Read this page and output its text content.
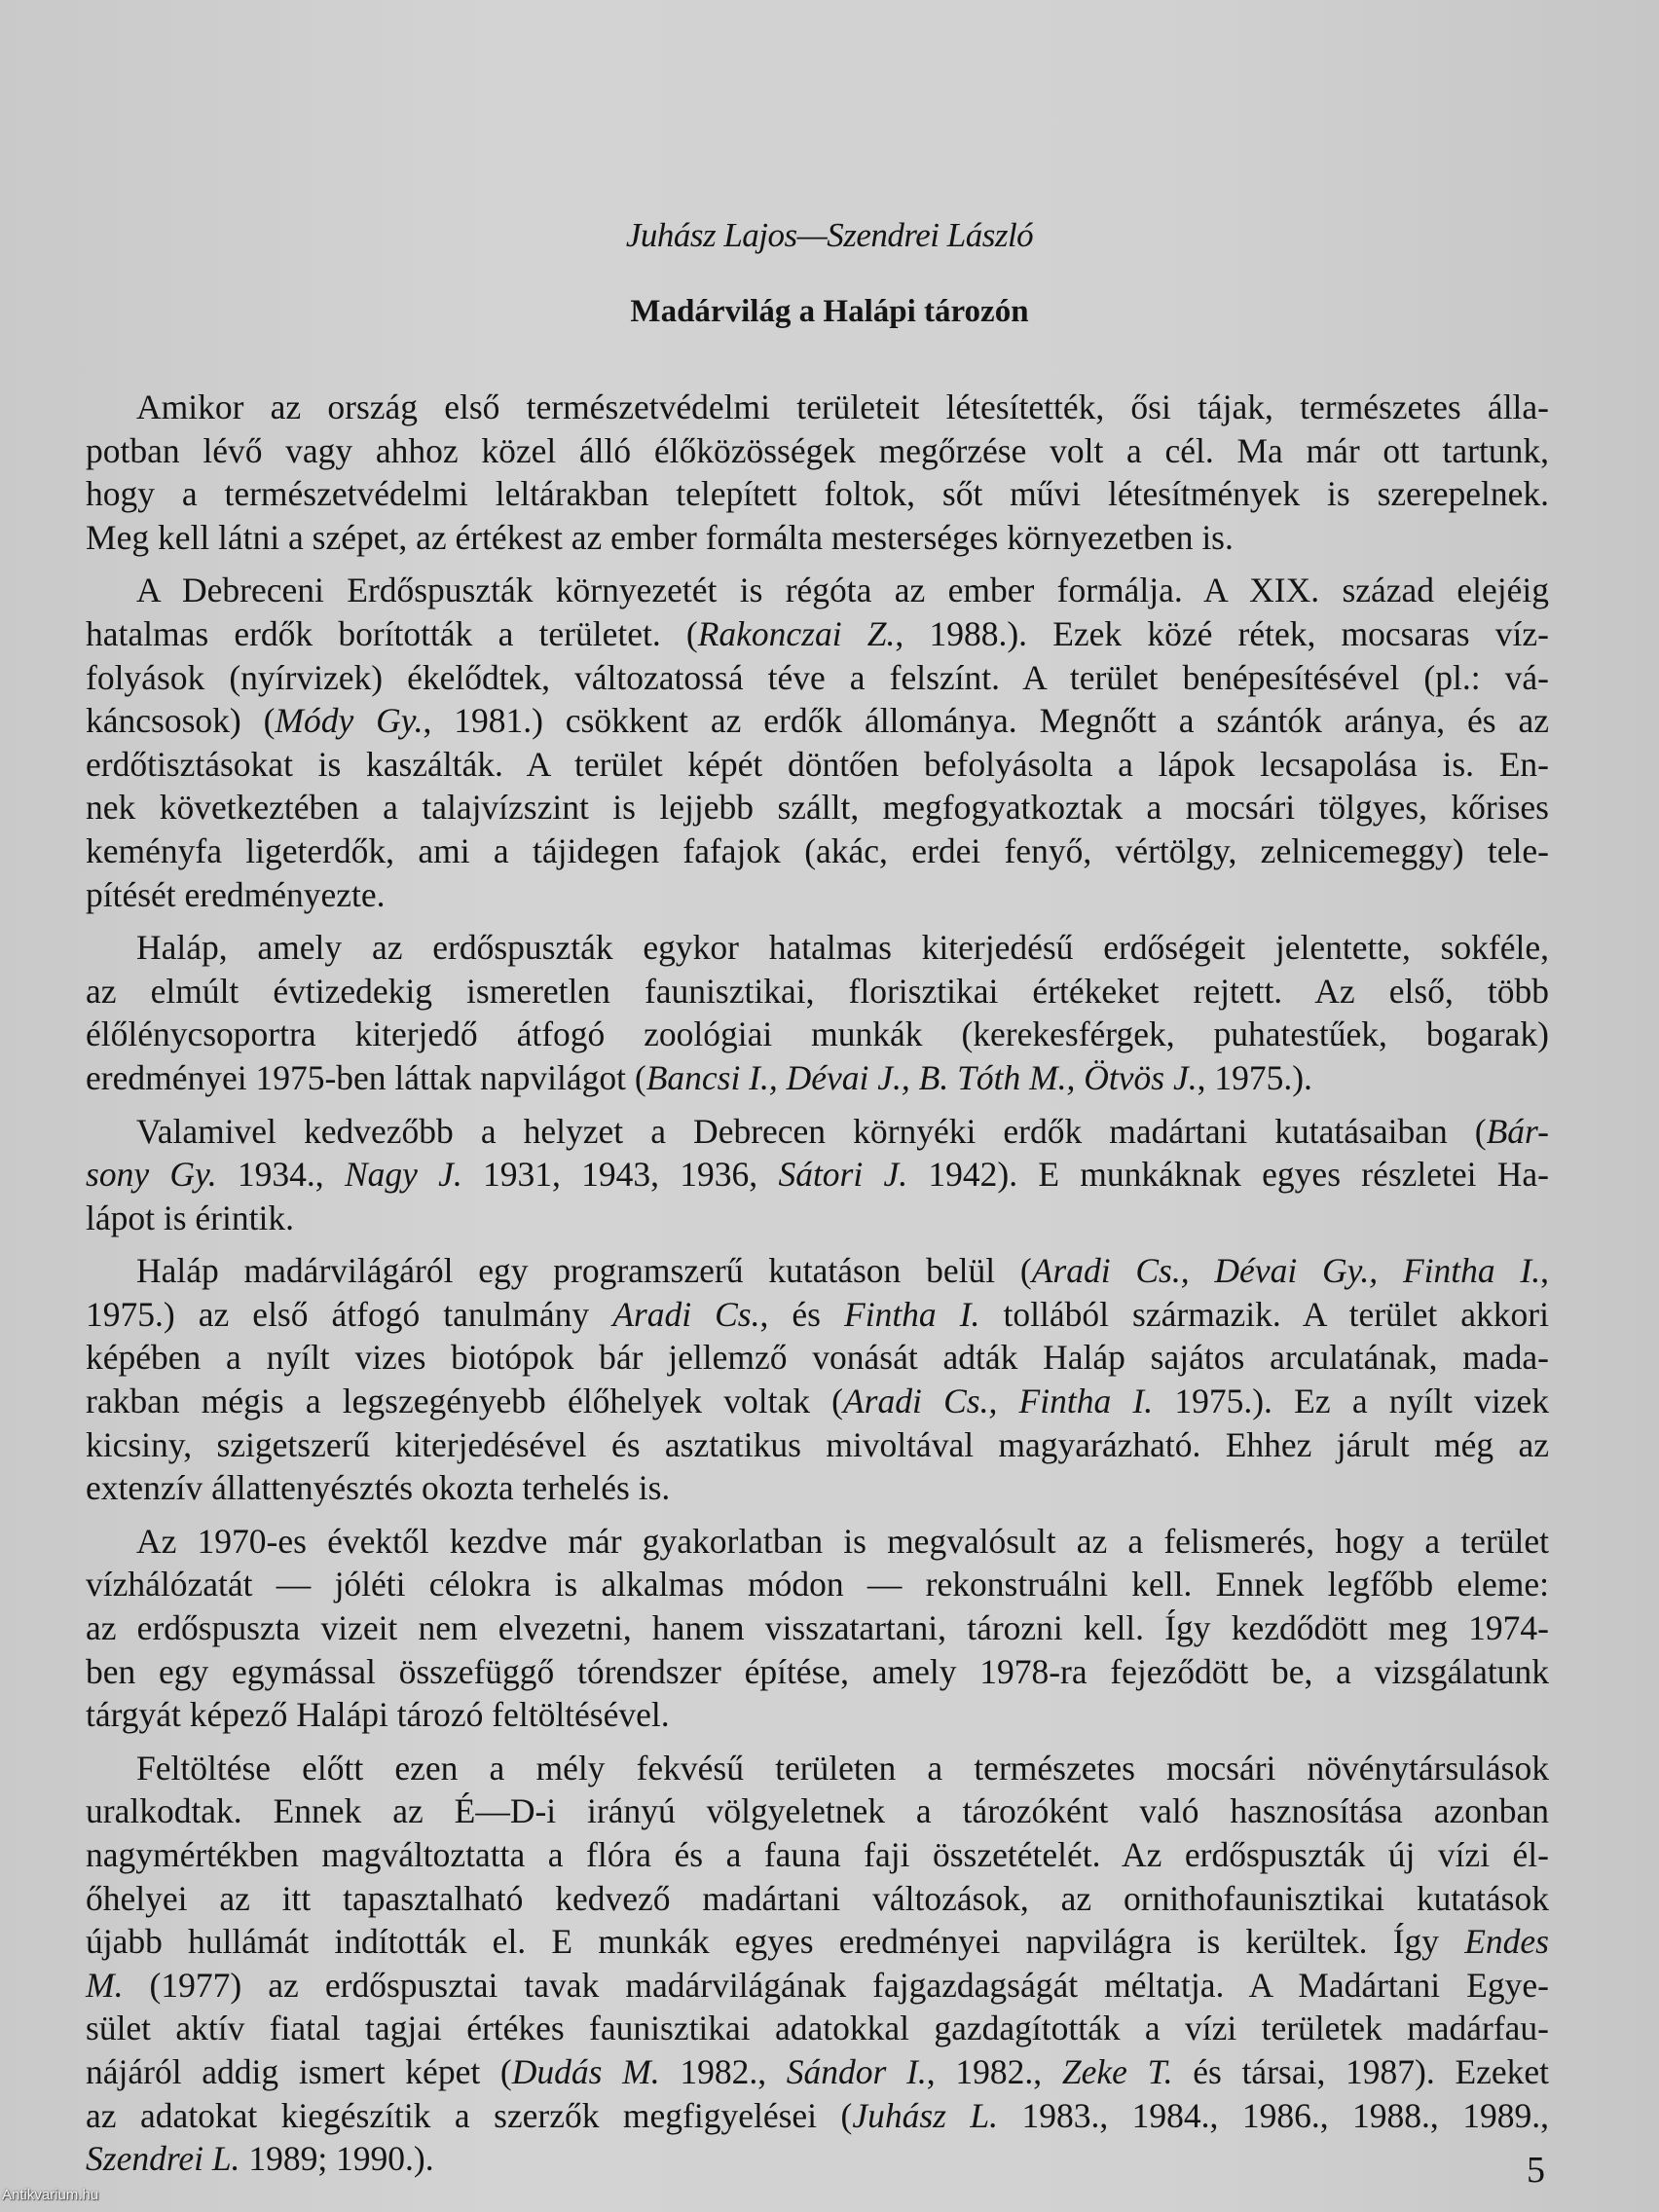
Juhász Lajos—Szendrei László
Madárvilág a Halápi tározón
Amikor az ország első természetvédelmi területeit létesítették, ősi tájak, természetes álla-
potban lévő vagy ahhoz közel álló élőközösségek megőrzése volt a cél. Ma már ott tartunk,
hogy a természetvédelmi leltárakban telepített foltok, sőt művi létesítmények is szerepelnek.
Meg kell látni a szépet, az értékest az ember formálta mesterséges környezetben is.
A Debreceni Erdőspuszták környezetét is régóta az ember formálja. A XIX. század elejéig
hatalmas erdők borították a területet. (Rakonczai Z., 1988.). Ezek közé rétek, mocsaras víz-
folyások (nyírvizek) ékelődtek, változatossá téve a felszínt. A terület benépesítésével (pl.: vá-
káncsosok) (Módy Gy., 1981.) csökkent az erdők állománya. Megnőtt a szántók aránya, és az
erdőtisztásokat is kaszálták. A terület képét döntően befolyásolta a lápok lecsapolása is. En-
nek következtében a talajvízszint is lejjebb szállt, megfogyatkoztak a mocsári tölgyes, kőrises
keményfa ligeterdők, ami a tájidegen fafajok (akác, erdei fenyő, vértölgy, zelnicemeggy) tele-
pítését eredményezte.
Haláp, amely az erdőspuszták egykor hatalmas kiterjedésű erdőségeit jelentette, sokféle,
az elmúlt évtizedekig ismeretlen faunisztikai, florisztikai értékeket rejtett. Az első, több
élőlénycsoportra kiterjedő átfogó zoológiai munkák (kerekesférgek, puhatestűek, bogarak)
eredményei 1975-ben láttak napvilágot (Bancsi I., Dévai J., B. Tóth M., Ötvös J., 1975.).
Valamivel kedvezőbb a helyzet a Debrecen környéki erdők madártani kutatásaiban (Bár-
sony Gy. 1934., Nagy J. 1931, 1943, 1936, Sátori J. 1942). E munkáknak egyes részletei Ha-
lápot is érintik.
Haláp madárvilágáról egy programszerű kutatáson belül (Aradi Cs., Dévai Gy., Fintha I.,
1975.) az első átfogó tanulmány Aradi Cs., és Fintha I. tollából származik. A terület akkori
képében a nyílt vizes biotópok bár jellemző vonását adták Haláp sajátos arculatának, mada-
rakban mégis a legszegényebb élőhelyek voltak (Aradi Cs., Fintha I. 1975.). Ez a nyílt vizek
kicsiny, szigetszerű kiterjedésével és asztatikus mivoltával magyarázható. Ehhez járult még az
extenzív állattenyésztés okozta terhelés is.
Az 1970-es évektől kezdve már gyakorlatban is megvalósult az a felismerés, hogy a terület
vízhálózatát — jóléti célokra is alkalmas módon — rekonstruálni kell. Ennek legfőbb eleme:
az erdőspuszta vizeit nem elvezetni, hanem visszatartani, tározni kell. Így kezdődött meg 1974-
ben egy egymással összefüggő tórendszer építése, amely 1978-ra fejeződött be, a vizsgálatunk
tárgyát képező Halápi tározó feltöltésével.
Feltöltése előtt ezen a mély fekvésű területen a természetes mocsári növénytársulások
uralkodtak. Ennek az É—D-i irányú völgyeletnek a tározóként való hasznosítása azonban
nagymértékben magváltoztatta a flóra és a fauna faji összetételét. Az erdőspuszták új vízi él-
őhelyei az itt tapasztalható kedvező madártani változások, az ornithofaunisztikai kutatások
újabb hullámát indították el. E munkák egyes eredményei napvilágra is kerültek. Így Endes
M. (1977) az erdőspusztai tavak madárvilágának fajgazdagságát méltatja. A Madártani Egye-
sület aktív fiatal tagjai értékes faunisztikai adatokkal gazdagították a vízi területek madárfau-
nájáról addig ismert képet (Dudás M. 1982., Sándor I., 1982., Zeke T. és társai, 1987). Ezeket
az adatokat kiegészítik a szerzők megfigyelései (Juhász L. 1983., 1984., 1986., 1988., 1989.,
Szendrei L. 1989; 1990.).	5
Antikvarium.hu
